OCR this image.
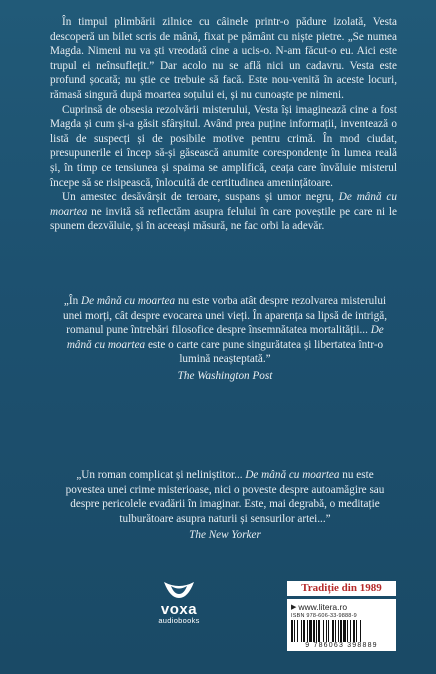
În timpul plimbării zilnice cu câinele printr-o pădure izolată, Vesta descoperă un bilet scris de mână, fixat pe pământ cu niște pietre. „Se numea Magda. Nimeni nu va ști vreodată cine a ucis-o. N-am făcut-o eu. Aici este trupul ei neînsuflețit.” Dar acolo nu se află nici un cadavru. Vesta este profund șocată; nu știe ce trebuie să facă. Este nou-venită în aceste locuri, rămasă singură după moartea soțului ei, și nu cunoaște pe nimeni.

Cuprinsă de obsesia rezolvării misterului, Vesta își imaginează cine a fost Magda și cum și-a găsit sfârșitul. Având prea puține informații, inventează o listă de suspecți și de posibile motive pentru crimă. În mod ciudat, presupunerile ei încep să-și găsească anumite corespondențe în lumea reală și, în timp ce tensiunea și spaima se amplifică, ceața care învăluie misterul începe să se risipească, înlocuită de certitudinea amenințătoare.

Un amestec desăvârșit de teroare, suspans și umor negru, De mână cu moartea ne invită să reflectăm asupra felului în care poveștile pe care ni le spunem dezvăluie, și în aceeași măsură, ne fac orbi la adevăr.

„În De mână cu moartea nu este vorba atât despre rezolvarea misterului unei morți, cât despre evocarea unei vieți. În aparența sa lipsă de intrigă, romanul pune întrebări filosofice despre însemnătatea mortalității... De mână cu moartea este o carte care pune singurătatea și libertatea într-o lumină neașteptată.”
The Washington Post
„Un roman complicat și neliniștitor... De mână cu moartea nu este povestea unei crime misterioase, nici o poveste despre autoamăgire sau despre pericolele evadării în imaginar. Este, mai degrabă, o meditație tulburătoare asupra naturii și sensurilor artei...”
The New Yorker
voxa
audiobooks
Tradiție din 1989
▶ www.litera.ro
ISBN 978-606-33-9888-9
9 786063 398889
